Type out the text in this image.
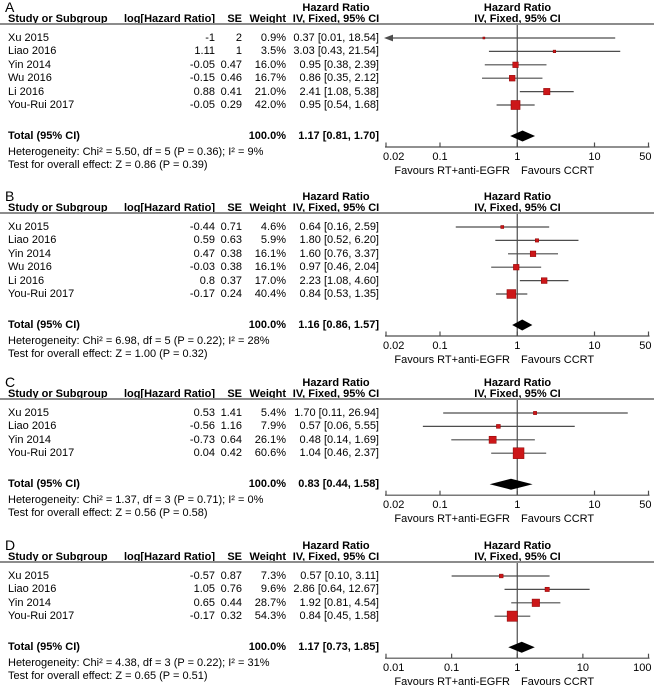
A
Study or Subgroup	log[Hazard Ratio]	SE Weight
Hazard Ratio
IV, Fixed, 95% CI
Hazard Ratio
IV, Fixed, 95% CI
Xu 2015	-1	2	0.9% 0.37 [0.01, 18.54]
Liao 2016	1.11	1	3.5% 3.03 [0.43, 21.54]
Yin 2014	-0.05 0.47	16.0%	0.95 [0.38, 2.39]
Wu 2016	-0.15 0.46	16.7%	0.86 [0.35, 2.12]
Li 2016	0.88 0.41	21.0%	2.41 [1.08, 5.38]
You-Rui 2017	-0.05 0.29	42.0%	0.95 [0.54, 1.68]
Total (95% CI)	100.0%	1.17 [0.81, 1.70]
Heterogeneity: Chi² = 5.50, df = 5 (P = 0.36); I² = 9%
Test for overall effect: Z = 0.86 (P = 0.39)
0.02	0.1	1	10	50
Favours RT+anti-EGFR Favours CCRT
B
Study or Subgroup	log[Hazard Ratio]	SE Weight
Hazard Ratio
IV, Fixed, 95% CI
Hazard Ratio
IV, Fixed, 95% CI
Xu 2015	-0.44 0.71	4.6%	0.64 [0.16, 2.59]
Liao 2016	0.59 0.63	5.9%	1.80 [0.52, 6.20]
Yin 2014	0.47 0.38	16.1%	1.60 [0.76, 3.37]
Wu 2016	-0.03 0.38	16.1%	0.97 [0.46, 2.04]
Li 2016	0.8 0.37	17.0%	2.23 [1.08, 4.60]
You-Rui 2017	-0.17 0.24	40.4%	0.84 [0.53, 1.35]
Total (95% CI)	100.0%	1.16 [0.86, 1.57]
Heterogeneity: Chi² = 6.98, df = 5 (P = 0.22); I² = 28%
Test for overall effect: Z = 1.00 (P = 0.32)
0.02	0.1	1	10	50
Favours RT+anti-EGFR Favours CCRT
C
Study or Subgroup	log[Hazard Ratio]	SE Weight
Hazard Ratio
IV, Fixed, 95% CI
Hazard Ratio
IV, Fixed, 95% CI
Xu 2015	0.53 1.41	5.4% 1.70 [0.11, 26.94]
Liao 2016	-0.56 1.16	7.9%	0.57 [0.06, 5.55]
Yin 2014	-0.73 0.64	26.1%	0.48 [0.14, 1.69]
You-Rui 2017	0.04 0.42	60.6%	1.04 [0.46, 2.37]
Total (95% CI)	100.0%	0.83 [0.44, 1.58]
Heterogeneity: Chi² = 1.37, df = 3 (P = 0.71); I² = 0%
Test for overall effect: Z = 0.56 (P = 0.58)
0.02	0.1	1	10	50
Favours RT+anti-EGFR Favours CCRT
D
Study or Subgroup	log[Hazard Ratio]	SE Weight
Hazard Ratio
IV, Fixed, 95% CI
Hazard Ratio
IV, Fixed, 95% CI
Xu 2015	-0.57 0.87	7.3%	0.57 [0.10, 3.11]
Liao 2016	1.05 0.76	9.6% 2.86 [0.64, 12.67]
Yin 2014	0.65 0.44	28.7%	1.92 [0.81, 4.54]
You-Rui 2017	-0.17 0.32	54.3%	0.84 [0.45, 1.58]
Total (95% CI)	100.0%	1.17 [0.73, 1.85]
Heterogeneity: Chi² = 4.38, df = 3 (P = 0.22); I² = 31%
Test for overall effect: Z = 0.65 (P = 0.51)
0.01	0.1	1	10	100
Favours RT+anti-EGFR Favours CCRT
